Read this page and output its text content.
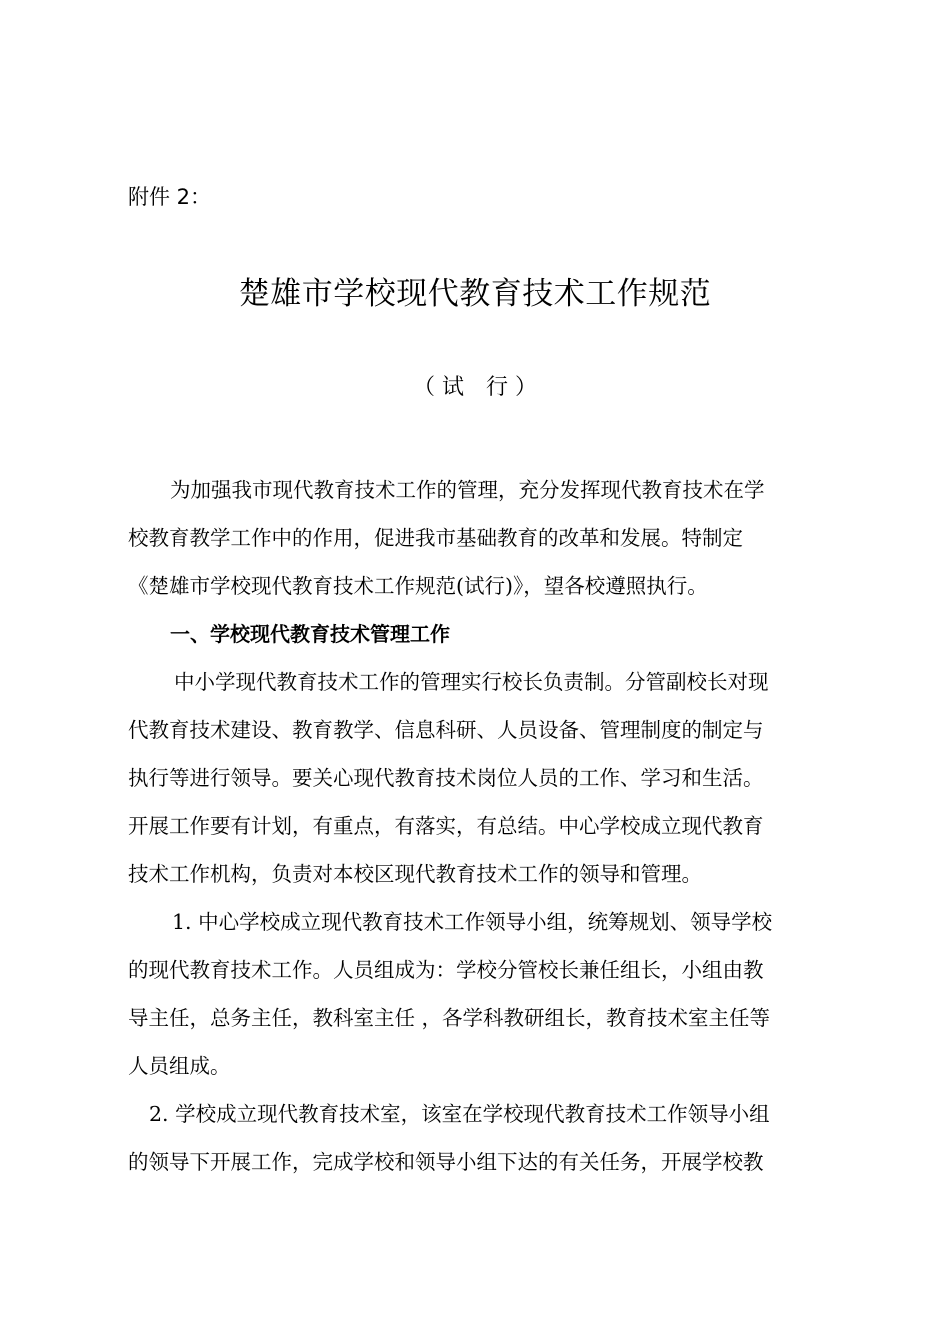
附件 2：
楚雄市学校现代教育技术工作规范
（ 试　行 ）

为加强我市现代教育技术工作的管理，充分发挥现代教育技术在学
校教育教学工作中的作用，促进我市基础教育的改革和发展。特制定
《楚雄市学校现代教育技术工作规范(试行)》，望各校遵照执行。

一、学校现代教育技术管理工作

中小学现代教育技术工作的管理实行校长负责制。分管副校长对现
代教育技术建设、教育教学、信息科研、人员设备、管理制度的制定与
执行等进行领导。要关心现代教育技术岗位人员的工作、学习和生活。
开展工作要有计划，有重点，有落实，有总结。中心学校成立现代教育
技术工作机构，负责对本校区现代教育技术工作的领导和管理。

1. 中心学校成立现代教育技术工作领导小组，统筹规划、领导学校
的现代教育技术工作。人员组成为：学校分管校长兼任组长，小组由教
导主任，总务主任，教科室主任 ，各学科教研组长，教育技术室主任等
人员组成。

2. 学校成立现代教育技术室，该室在学校现代教育技术工作领导小组
的领导下开展工作，完成学校和领导小组下达的有关任务，开展学校教
